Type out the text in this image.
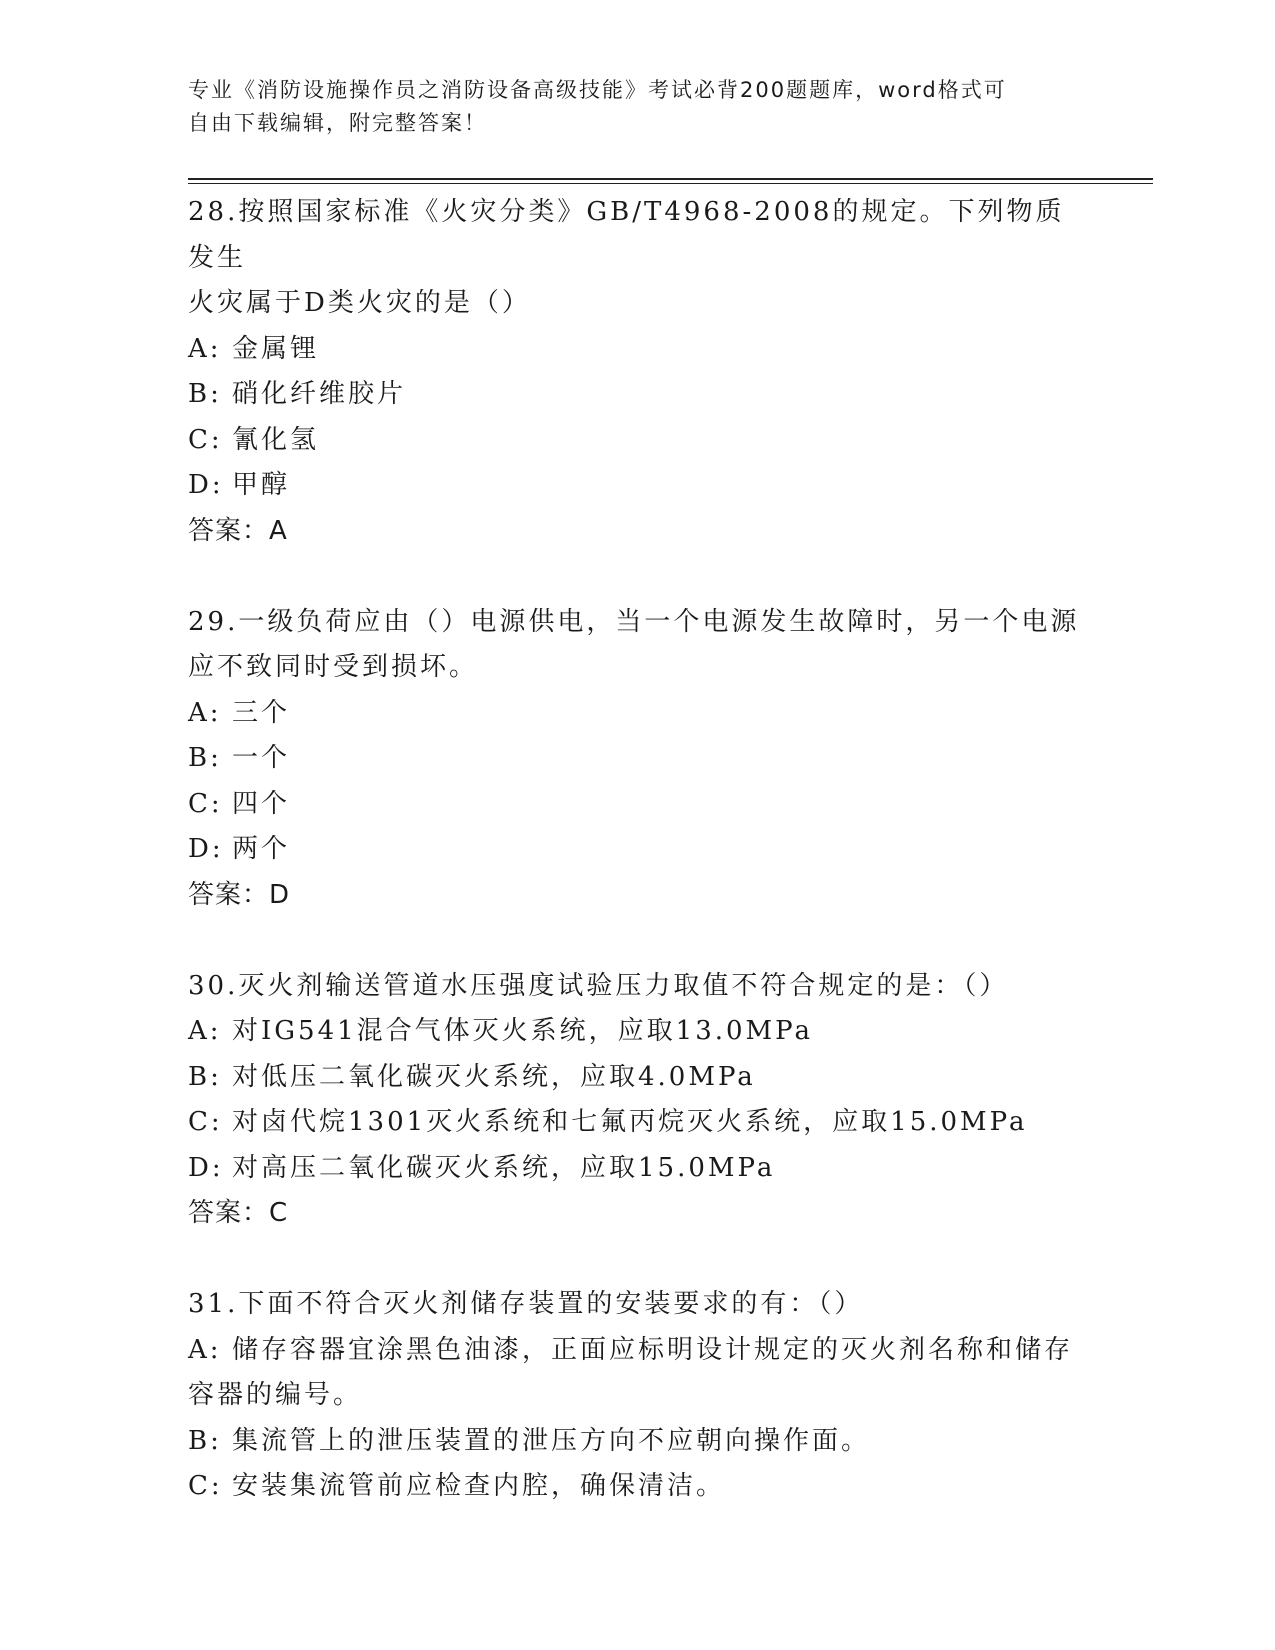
专业《消防设施操作员之消防设备高级技能》考试必背200题题库，word格式可
自由下载编辑，附完整答案！

28.按照国家标准《火灾分类》GB/T4968-2008的规定。下列物质发生

火灾属于D类火灾的是（）

A: 金属锂

B: 硝化纤维胶片

C: 氰化氢

D: 甲醇

答案：A

29.一级负荷应由（）电源供电，当一个电源发生故障时，另一个电源

应不致同时受到损坏。

A: 三个

B: 一个

C: 四个

D: 两个

答案：D

30.灭火剂输送管道水压强度试验压力取值不符合规定的是：（）

A: 对IG541混合气体灭火系统，应取13.0MPa

B: 对低压二氧化碳灭火系统，应取4.0MPa

C: 对卤代烷1301灭火系统和七氟丙烷灭火系统，应取15.0MPa

D: 对高压二氧化碳灭火系统，应取15.0MPa

答案：C

31.下面不符合灭火剂储存装置的安装要求的有：（）

A: 储存容器宜涂黑色油漆，正面应标明设计规定的灭火剂名称和储存

容器的编号。

B: 集流管上的泄压装置的泄压方向不应朝向操作面。

C: 安装集流管前应检查内腔，确保清洁。
